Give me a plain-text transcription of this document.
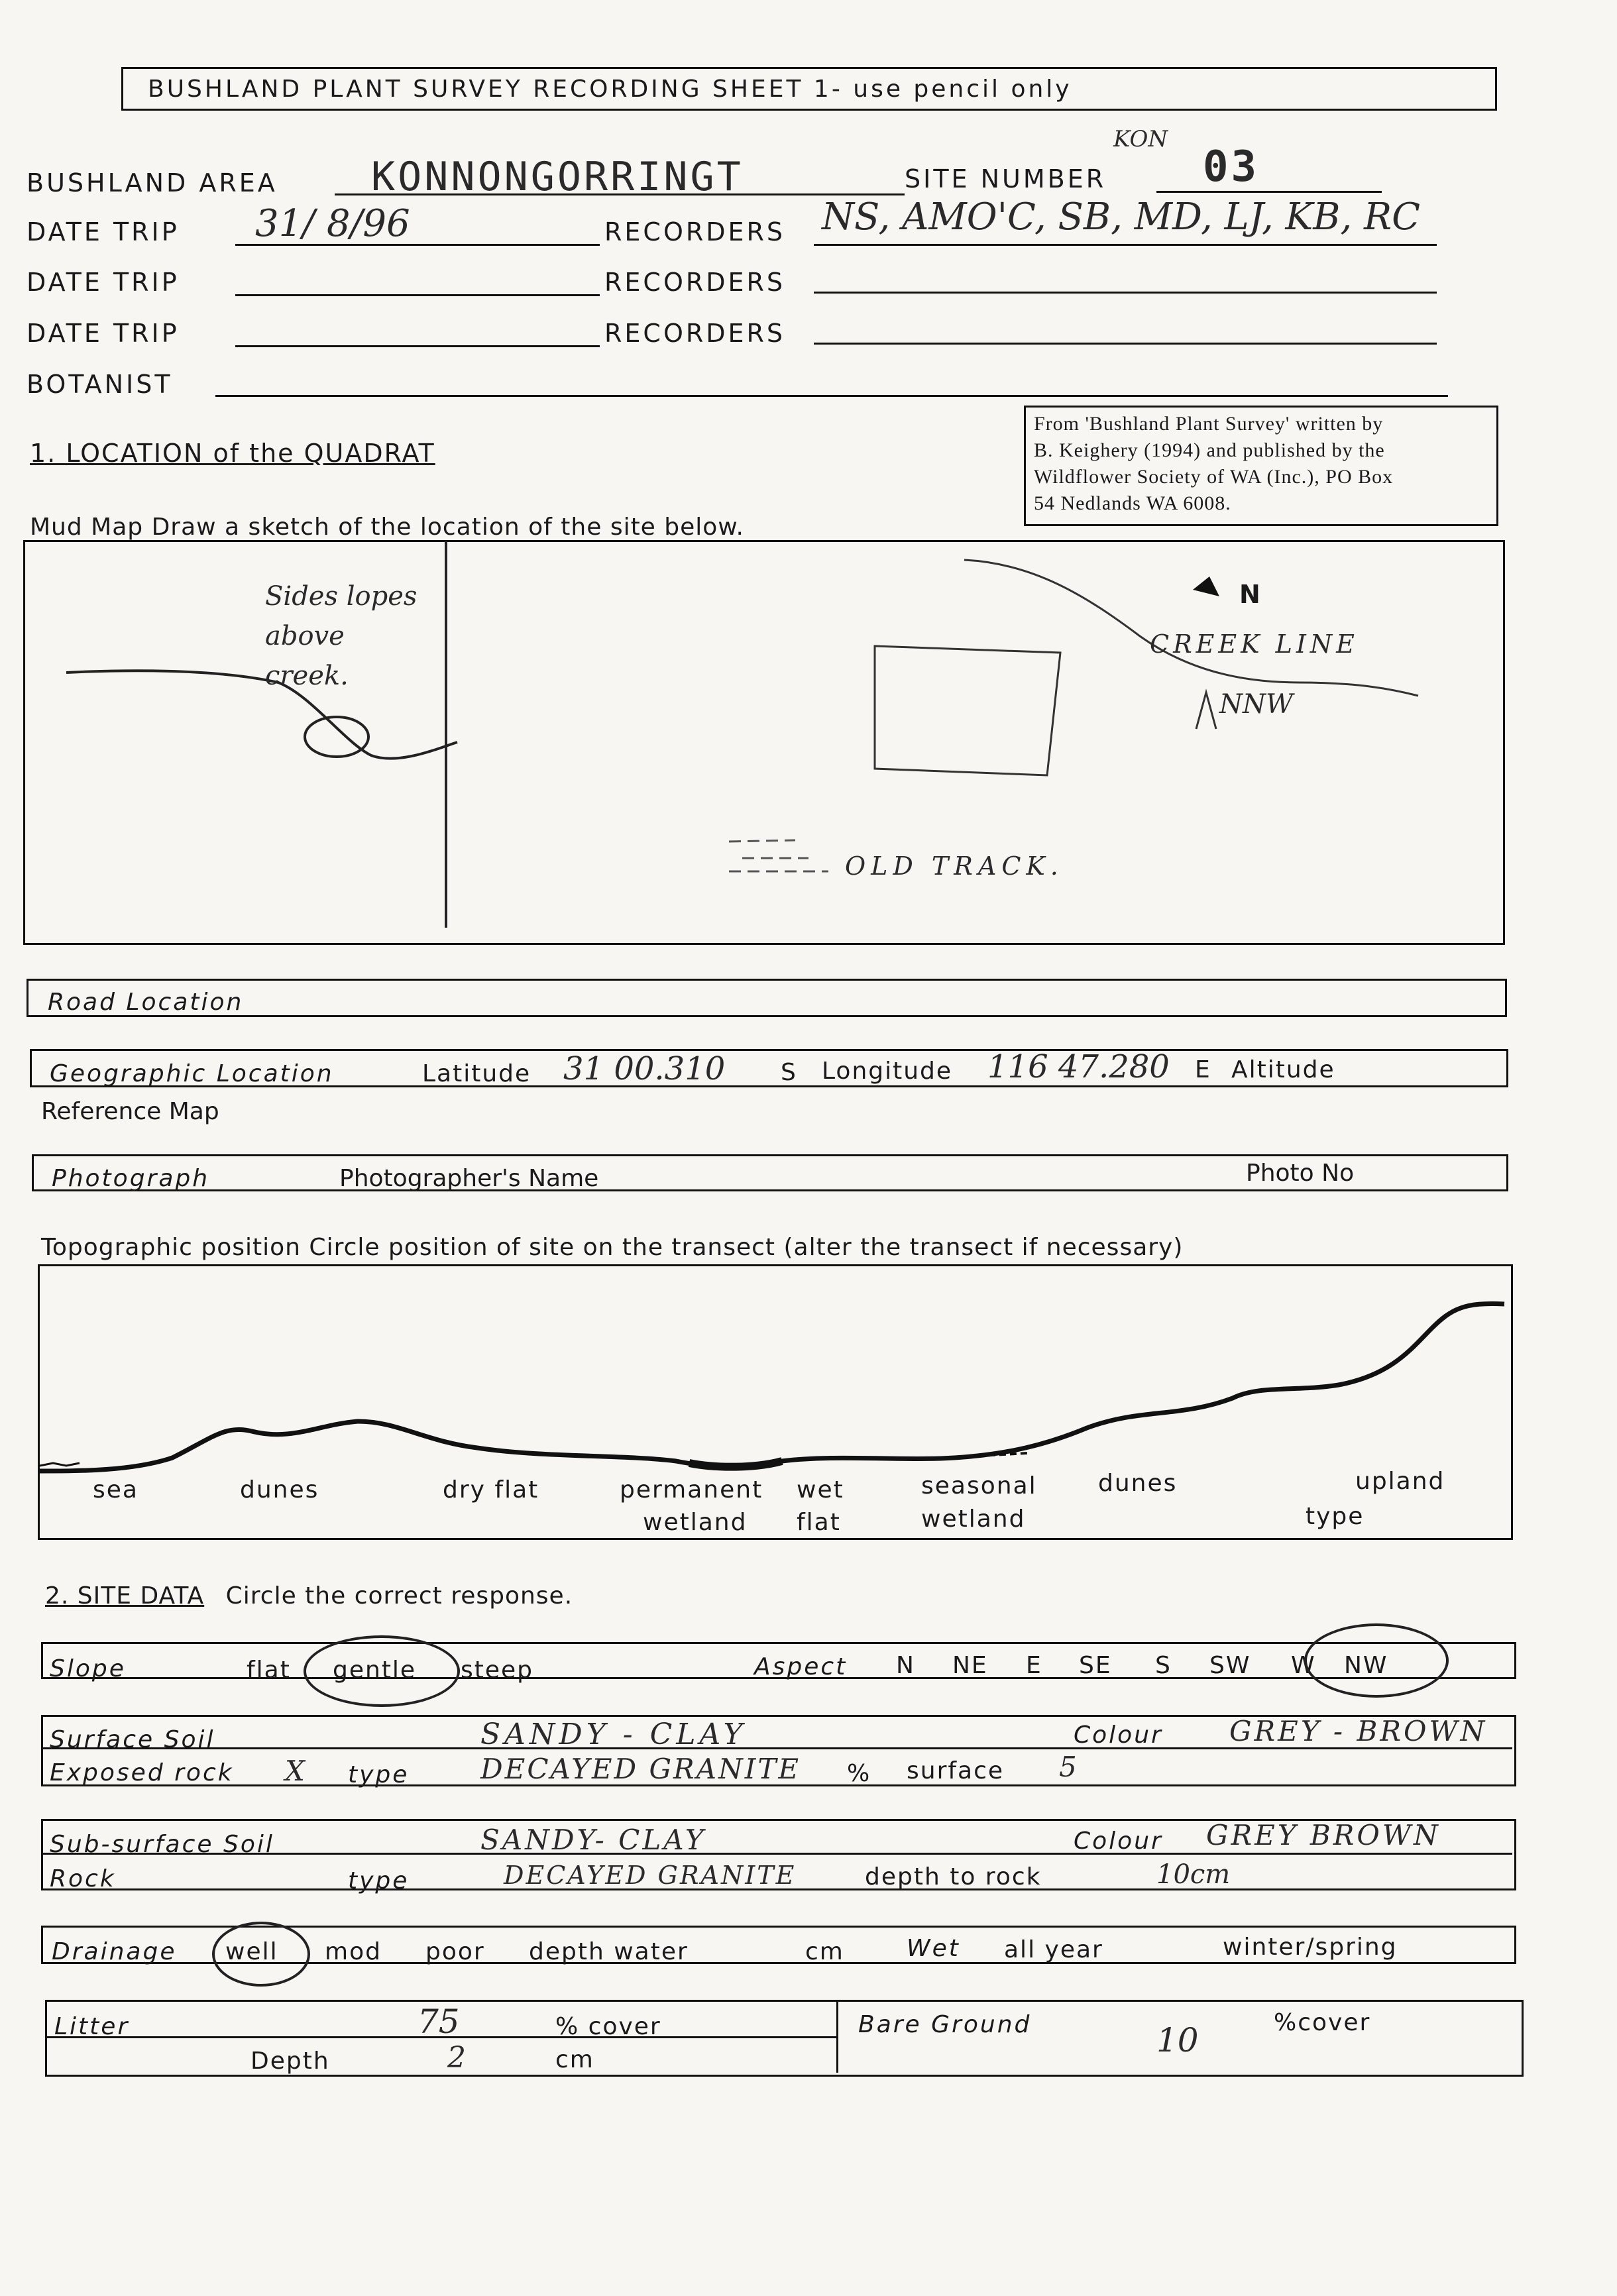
BUSHLAND PLANT SURVEY RECORDING SHEET 1- use pencil only
BUSHLAND AREA KONNONGORRINGT	SITE NUMBER
KON
03
DATE TRIP 31/ 8/96	RECORDERS NS, AMO'C, SB, MD, LJ, KB, RC
DATE TRIP	RECORDERS
DATE TRIP	RECORDERS
BOTANIST
From 'Bushland Plant Survey' written by
B. Keighery (1994) and published by the
Wildflower Society of WA (Inc.), PO Box
54 Nedlands WA 6008.
1. LOCATION of the QUADRAT
Mud Map Draw a sketch of the location of the site below.
Sides lopes above creek.
N
CREEK LINE
NNW
OLD TRACK.
Road Location
Geographic Location	Latitude 31 00.310 S Longitude 116 47.280 E Altitude
Reference Map
Photograph	Photographer's Name	Photo No
Topographic position Circle position of site on the transect (alter the transect if necessary)
sea	dunes	dry flat	permanent
wetland
wet
flat
seasonal
wetland
dunes	upland
type
2. SITE DATA Circle the correct response.
Slope	flat gentle steep	Aspect N NE E SE S SW W NW
Surface Soil	SANDY - CLAY	Colour GREY - BROWN
Exposed rock X type	DECAYED GRANITE % surface 5
Sub-surface Soil	SANDY- CLAY	Colour GREY BROWN
Rock	type	DECAYED GRANITE	depth to rock	10cm
Drainage well mod poor depth water	cm	Wet all year	winter/spring
Litter	75	% cover
Depth	2	cm
Bare Ground	10	%cover
